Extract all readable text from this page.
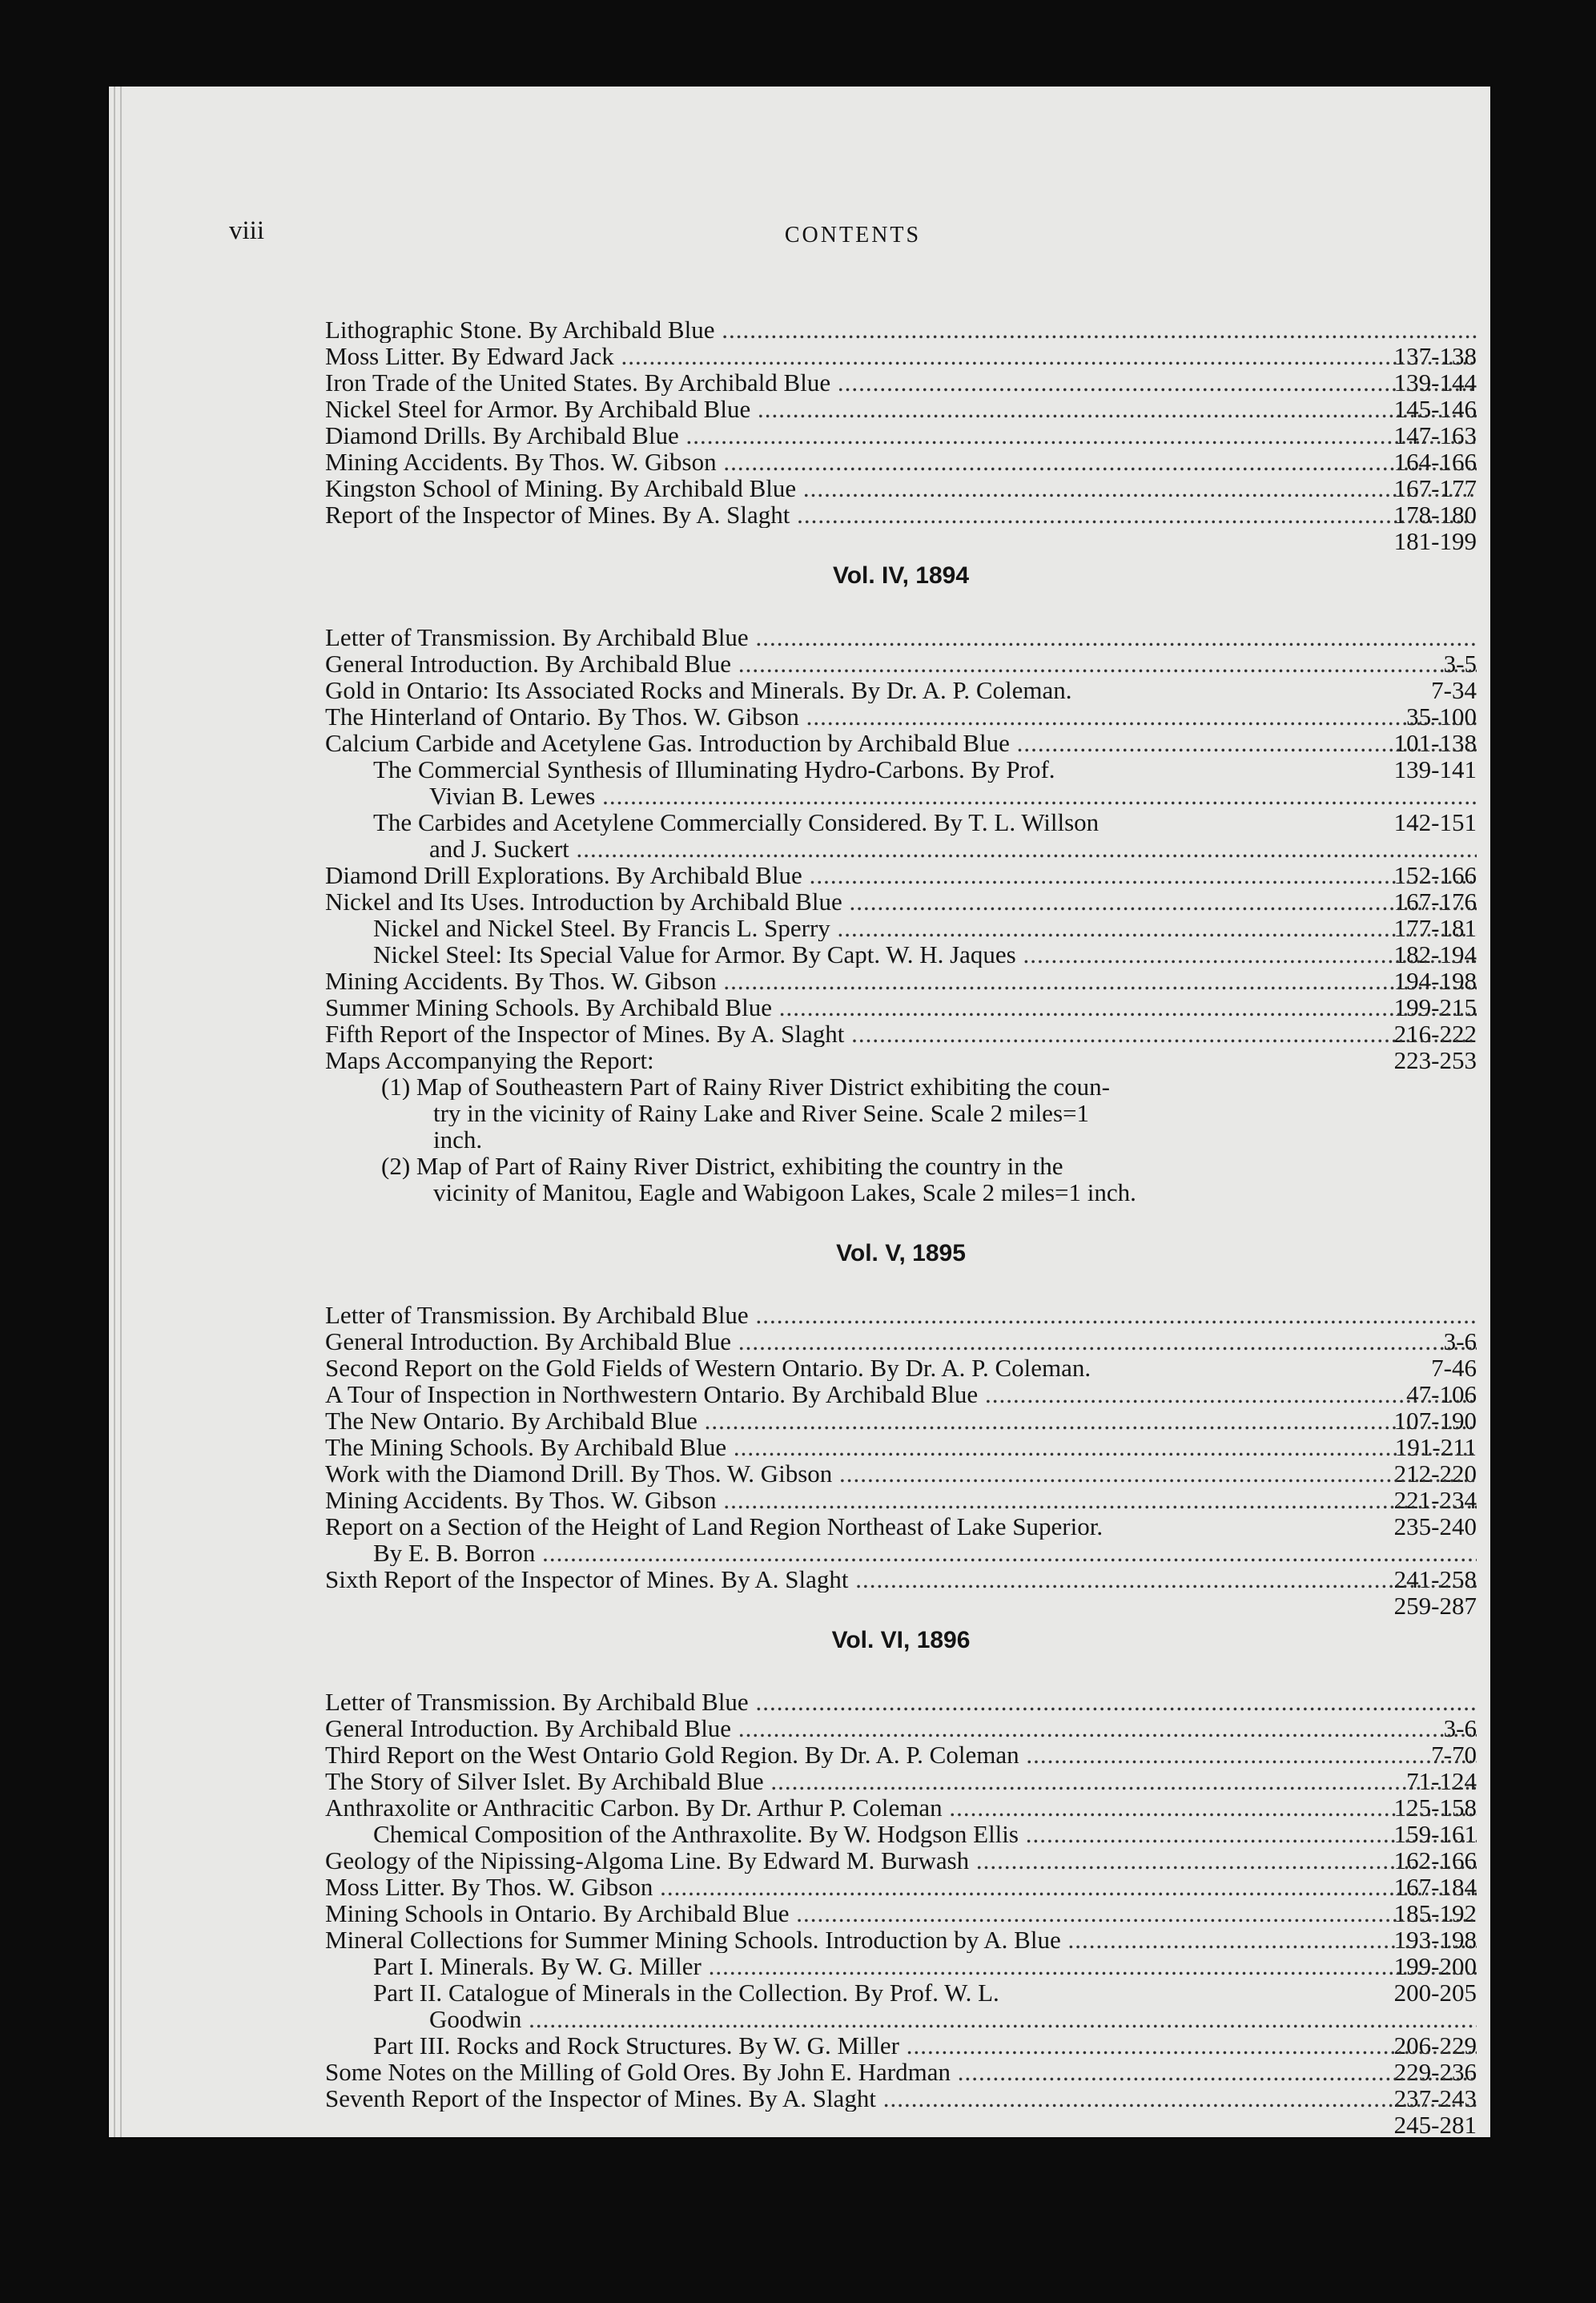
viii	CONTENTS
Lithographic Stone. By Archibald Blue .....
137-138
Moss Litter. By Edward Jack .....
139-144
Iron Trade of the United States. By Archibald Blue .....
145-146
Nickel Steel for Armor. By Archibald Blue .....
147-163
Diamond Drills. By Archibald Blue .....
164-166
Mining Accidents. By Thos. W. Gibson .....
167-177
Kingston School of Mining. By Archibald Blue .....
178-180
Report of the Inspector of Mines. By A. Slaght .....
181-199
Vol. IV, 1894
Letter of Transmission. By Archibald Blue .....
3-5
General Introduction. By Archibald Blue .....
7-34
Gold in Ontario: Its Associated Rocks and Minerals. By Dr. A. P. Coleman.
35-100
The Hinterland of Ontario. By Thos. W. Gibson .....
101-138
Calcium Carbide and Acetylene Gas. Introduction by Archibald Blue .....
139-141
The Commercial Synthesis of Illuminating Hydro-Carbons. By Prof.
Vivian B. Lewes .....
142-151
The Carbides and Acetylene Commercially Considered. By T. L. Willson
and J. Suckert .....
152-166
Diamond Drill Explorations. By Archibald Blue .....
167-176
Nickel and Its Uses. Introduction by Archibald Blue .....
177-181
Nickel and Nickel Steel. By Francis L. Sperry .....
182-194
Nickel Steel: Its Special Value for Armor. By Capt. W. H. Jaques .....
194-198
Mining Accidents. By Thos. W. Gibson .....
199-215
Summer Mining Schools. By Archibald Blue .....
216-222
Fifth Report of the Inspector of Mines. By A. Slaght .....
223-253
Maps Accompanying the Report:
(1) Map of Southeastern Part of Rainy River District exhibiting the coun-
try in the vicinity of Rainy Lake and River Seine. Scale 2 miles=1
inch.
(2) Map of Part of Rainy River District, exhibiting the country in the
vicinity of Manitou, Eagle and Wabigoon Lakes, Scale 2 miles=1 inch.
Vol. V, 1895
Letter of Transmission. By Archibald Blue .....
3-6
General Introduction. By Archibald Blue .....
7-46
Second Report on the Gold Fields of Western Ontario. By Dr. A. P. Coleman.
47-106
A Tour of Inspection in Northwestern Ontario. By Archibald Blue .....
107-190
The New Ontario. By Archibald Blue .....
191-211
The Mining Schools. By Archibald Blue .....
212-220
Work with the Diamond Drill. By Thos. W. Gibson .....
221-234
Mining Accidents. By Thos. W. Gibson .....
235-240
Report on a Section of the Height of Land Region Northeast of Lake Superior.
By E. B. Borron .....
241-258
Sixth Report of the Inspector of Mines. By A. Slaght .....
259-287
Vol. VI, 1896
Letter of Transmission. By Archibald Blue .....
3-6
General Introduction. By Archibald Blue .....
7-70
Third Report on the West Ontario Gold Region. By Dr. A. P. Coleman .....
71-124
The Story of Silver Islet. By Archibald Blue .....
125-158
Anthraxolite or Anthracitic Carbon. By Dr. Arthur P. Coleman .....
159-161
Chemical Composition of the Anthraxolite. By W. Hodgson Ellis .....
162-166
Geology of the Nipissing-Algoma Line. By Edward M. Burwash .....
167-184
Moss Litter. By Thos. W. Gibson .....
185-192
Mining Schools in Ontario. By Archibald Blue .....
193-198
Mineral Collections for Summer Mining Schools. Introduction by A. Blue .....
199-200
Part I. Minerals. By W. G. Miller .....
200-205
Part II. Catalogue of Minerals in the Collection. By Prof. W. L.
Goodwin .....
206-229
Part III. Rocks and Rock Structures. By W. G. Miller .....
229-236
Some Notes on the Milling of Gold Ores. By John E. Hardman .....
237-243
Seventh Report of the Inspector of Mines. By A. Slaght .....
245-281
